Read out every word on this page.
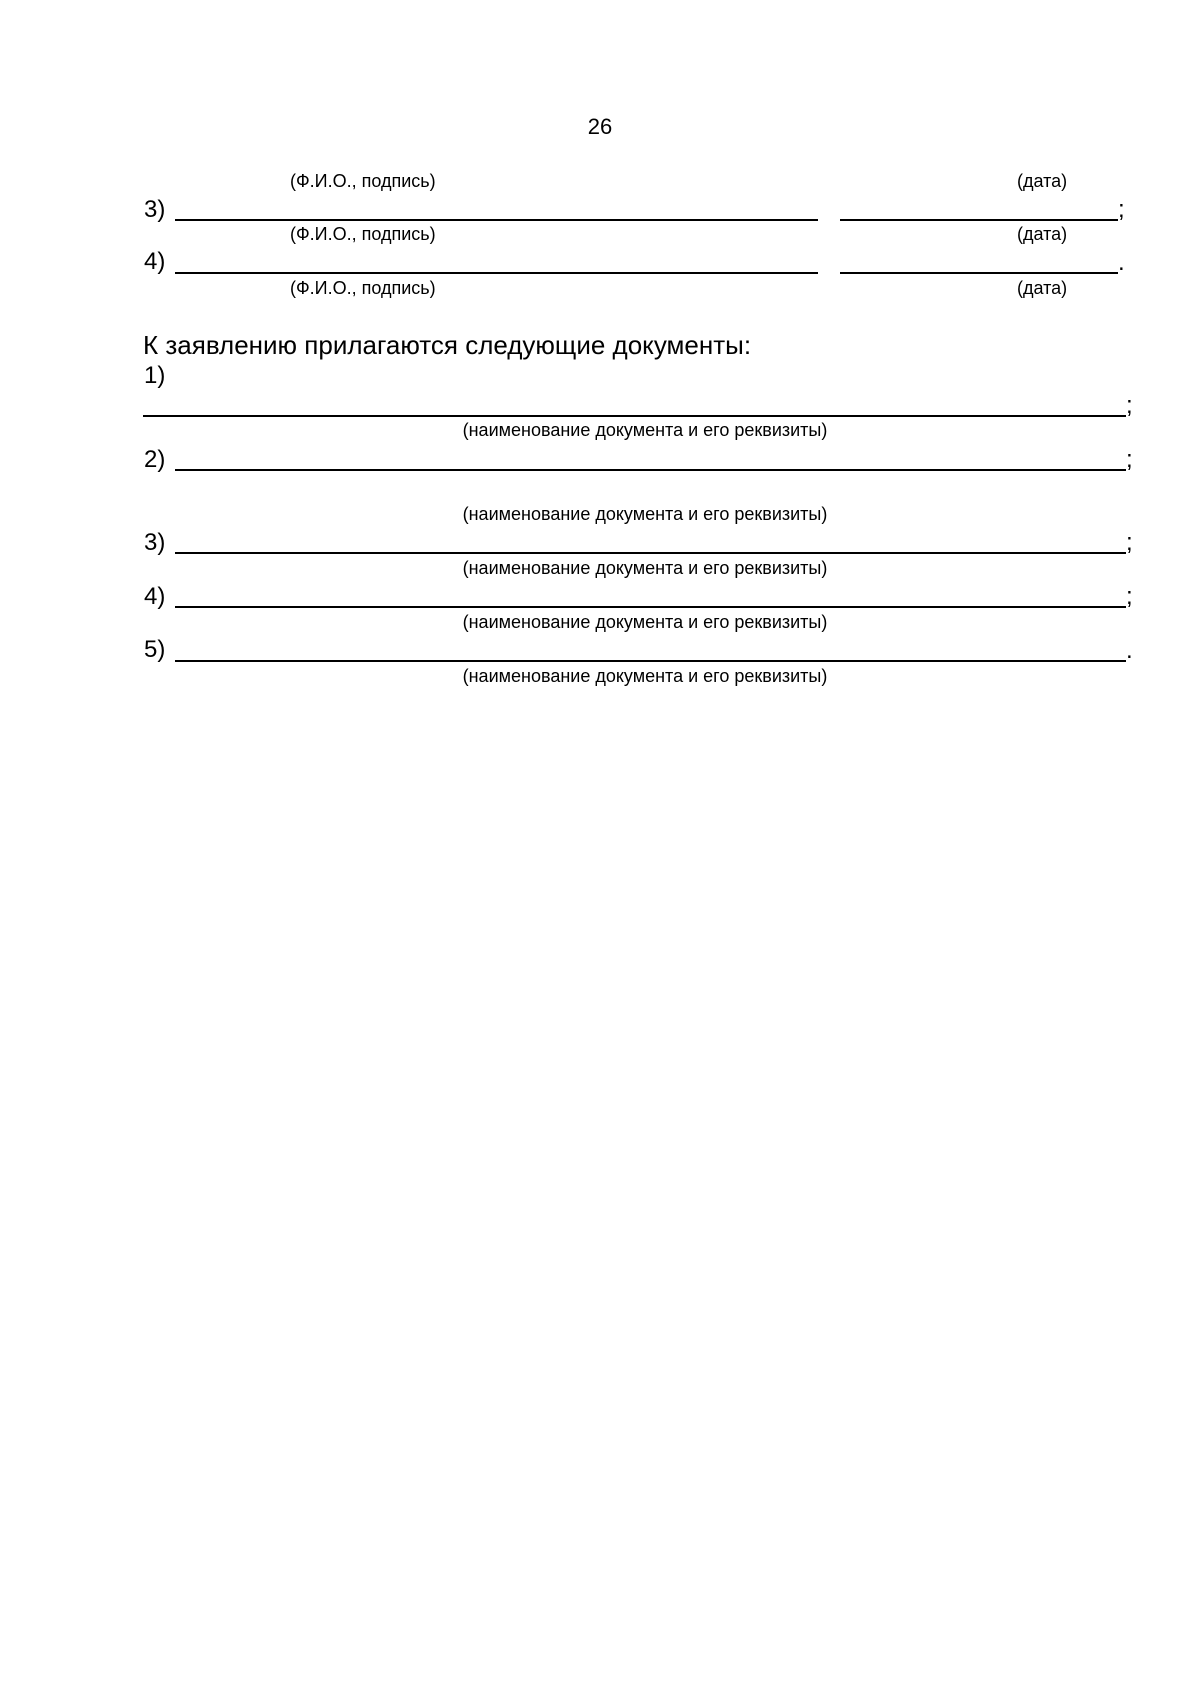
26
(Ф.И.О., подпись)	(дата)
3)	;
(Ф.И.О., подпись)	(дата)
4)	.
(Ф.И.О., подпись)	(дата)
К заявлению прилагаются следующие документы:
1)
;
(наименование документа и его реквизиты)
2)	;
(наименование документа и его реквизиты)
3)	;
(наименование документа и его реквизиты)
4)	;
(наименование документа и его реквизиты)
5)	.
(наименование документа и его реквизиты)
